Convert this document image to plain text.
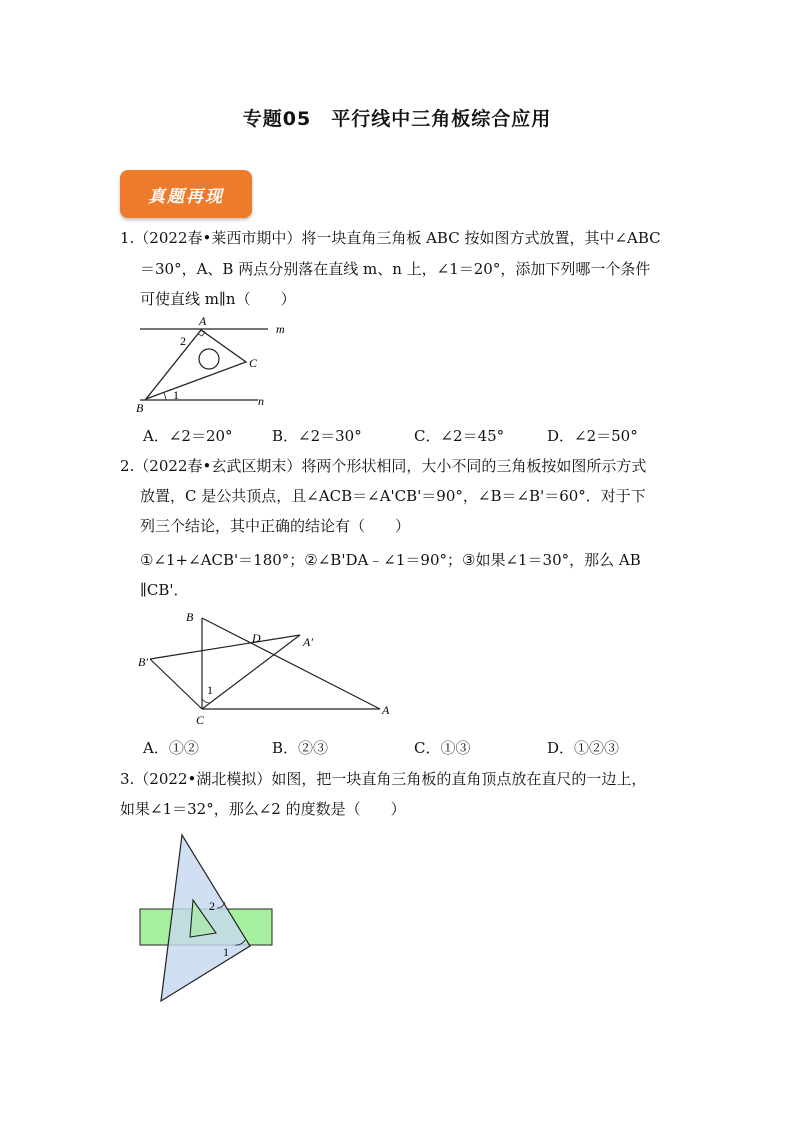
专题05　平行线中三角板综合应用
真题再现
1.（2022春•莱西市期中）将一块直角三角板 ABC 按如图方式放置，其中∠ABC
＝30°，A、B 两点分别落在直线 m、n 上，∠1＝20°，添加下列哪一个条件
可使直线 m∥n（　　）
A
C
B
m
n
2
1
A．∠2＝20°	B．∠2＝30°	C．∠2＝45°	D．∠2＝50°
2.（2022春•玄武区期末）将两个形状相同，大小不同的三角板按如图所示方式
放置，C 是公共顶点，且∠ACB＝∠A'CB'＝90°，∠B＝∠B'＝60°．对于下
列三个结论，其中正确的结论有（　　）
①∠1+∠ACB'＝180°；②∠B'DA﹣∠1＝90°；③如果∠1＝30°，那么 AB
∥CB'．
B
D	A′
B′
C
A
1
A．①②	B．②③	C．①③	D．①②③
3.（2022•湖北模拟）如图，把一块直角三角板的直角顶点放在直尺的一边上，
如果∠1＝32°，那么∠2 的度数是（　　）
1
2
